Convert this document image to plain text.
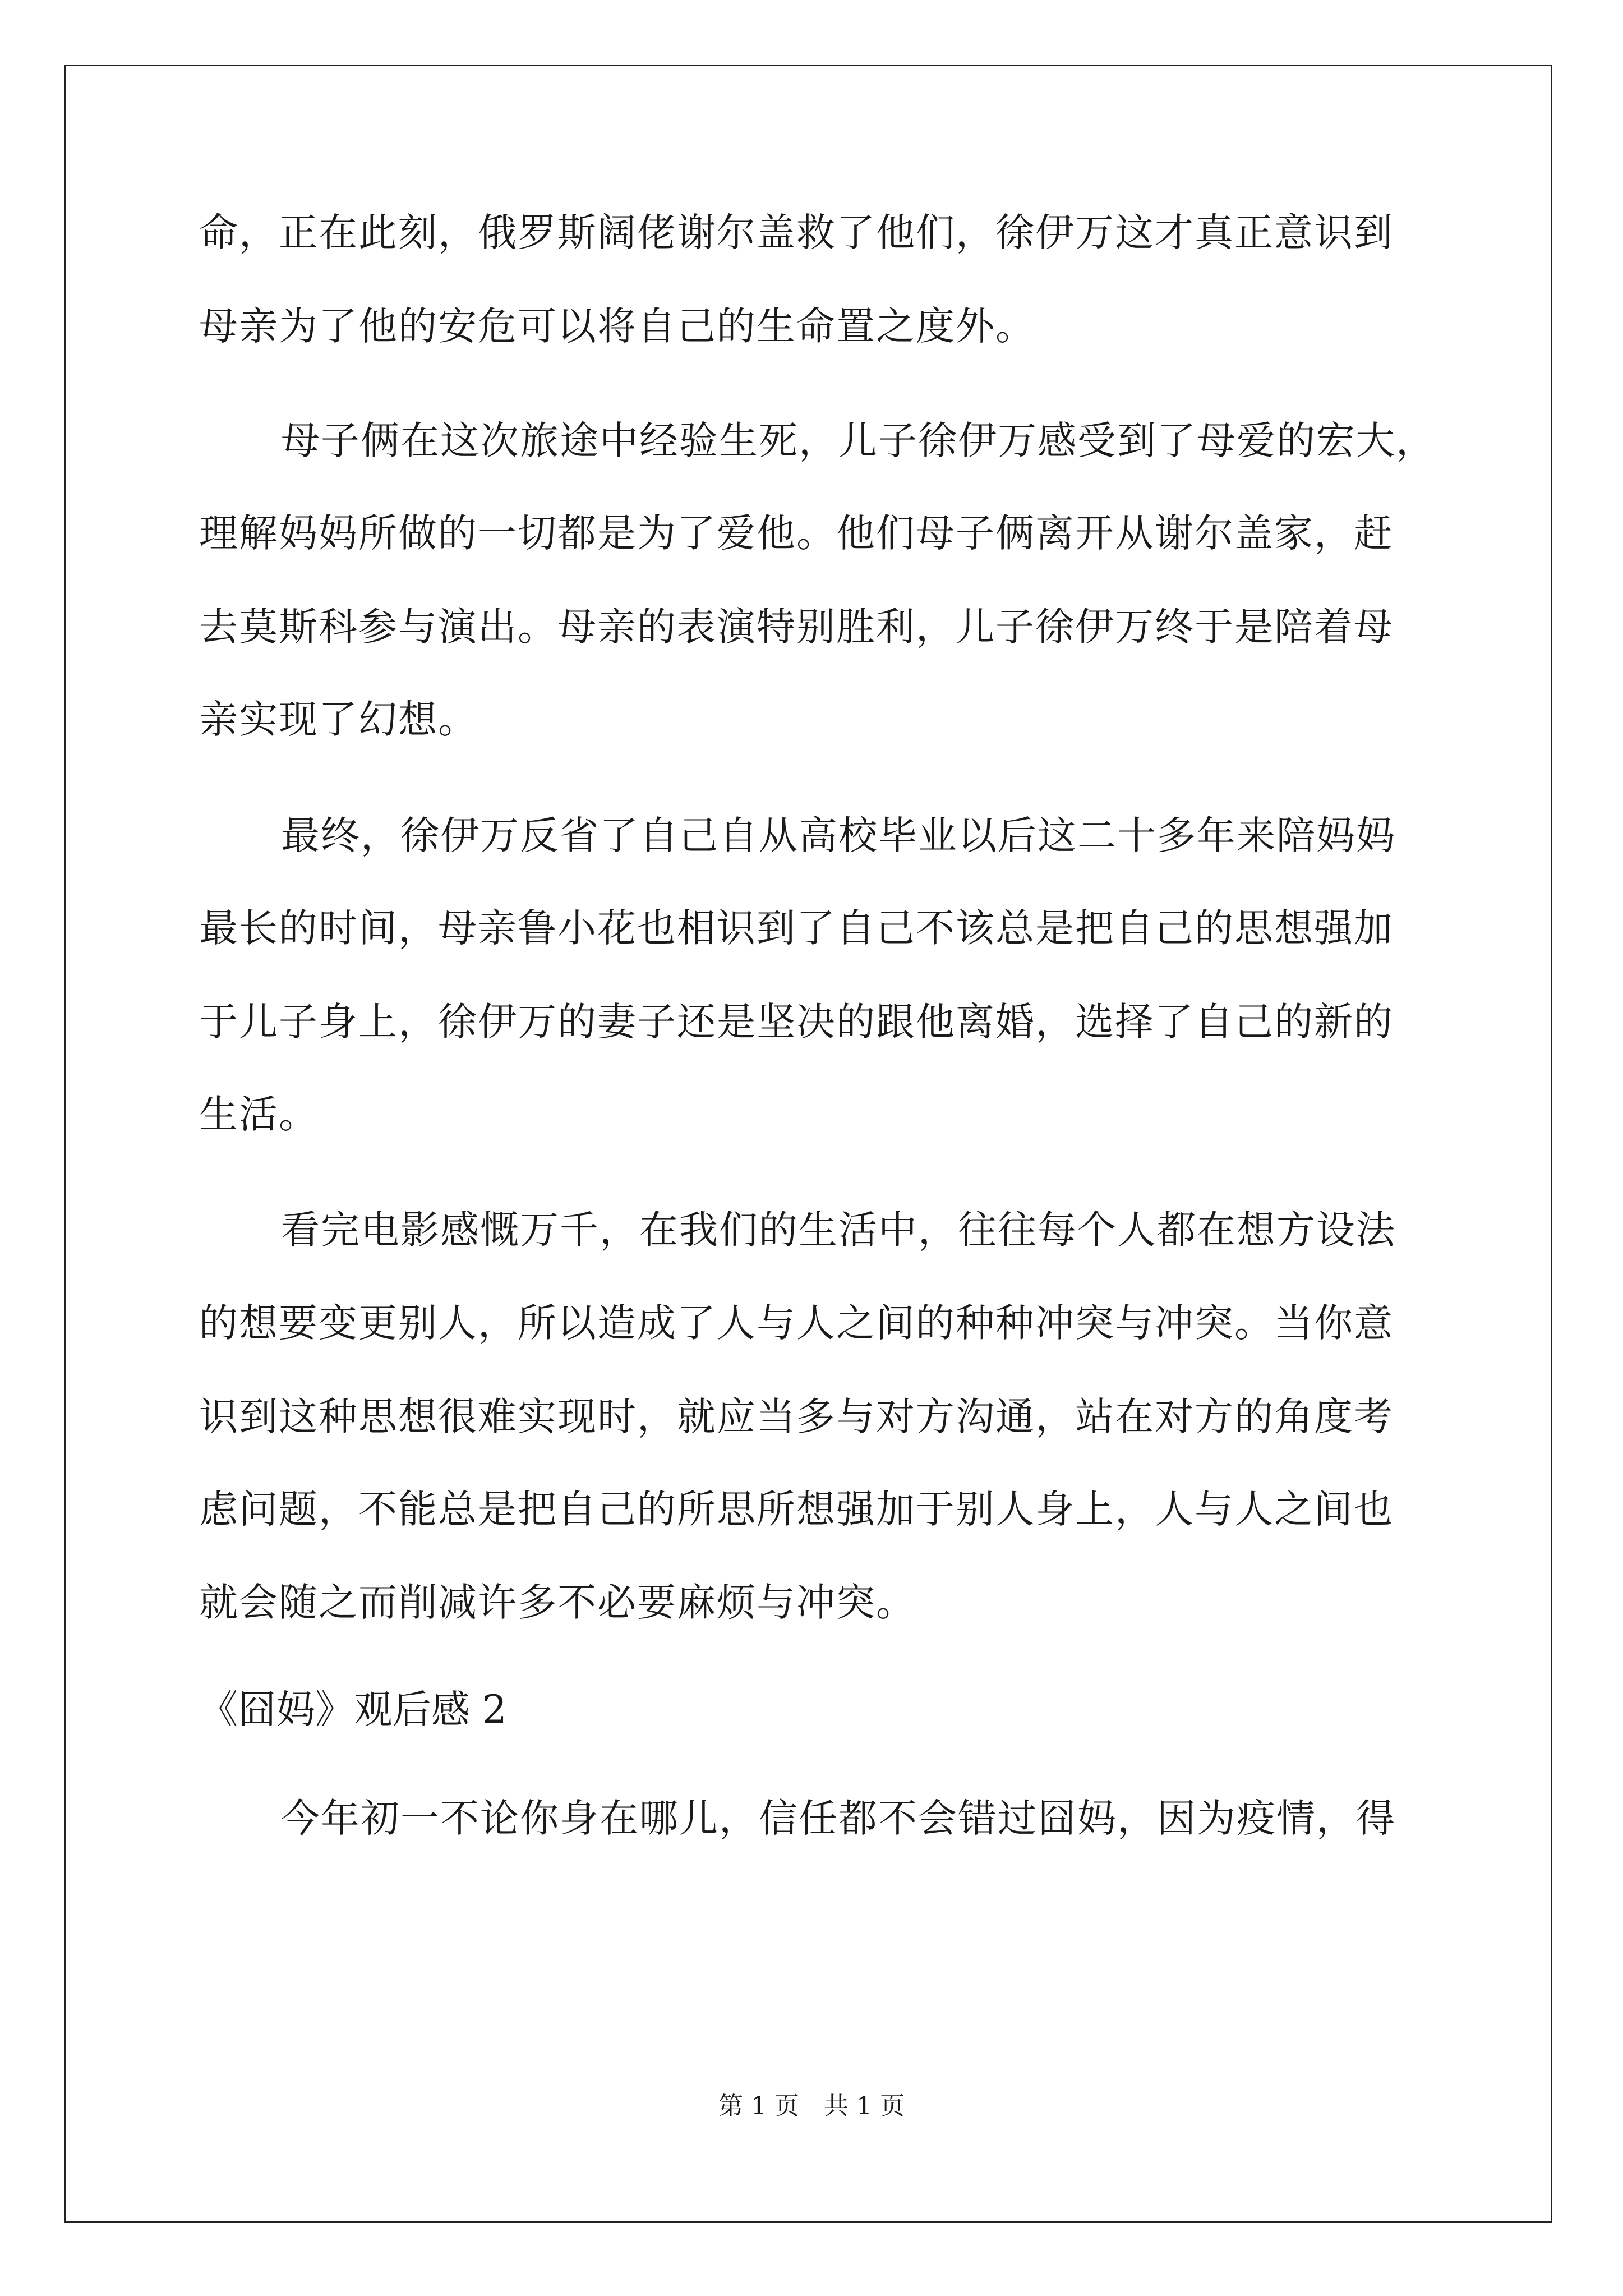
命，正在此刻，俄罗斯阔佬谢尔盖救了他们，徐伊万这才真正意识到
母亲为了他的安危可以将自己的生命置之度外。
母子俩在这次旅途中经验生死，儿子徐伊万感受到了母爱的宏大，
理解妈妈所做的一切都是为了爱他。他们母子俩离开从谢尔盖家，赶
去莫斯科参与演出。母亲的表演特别胜利，儿子徐伊万终于是陪着母
亲实现了幻想。
最终，徐伊万反省了自己自从高校毕业以后这二十多年来陪妈妈
最长的时间，母亲鲁小花也相识到了自己不该总是把自己的思想强加
于儿子身上，徐伊万的妻子还是坚决的跟他离婚，选择了自己的新的
生活。
看完电影感慨万千，在我们的生活中，往往每个人都在想方设法
的想要变更别人，所以造成了人与人之间的种种冲突与冲突。当你意
识到这种思想很难实现时，就应当多与对方沟通，站在对方的角度考
虑问题，不能总是把自己的所思所想强加于别人身上，人与人之间也
就会随之而削减许多不必要麻烦与冲突。
《囧妈》观后感 2
今年初一不论你身在哪儿，信任都不会错过囧妈，因为疫情，得
第 1 页　共 1 页
